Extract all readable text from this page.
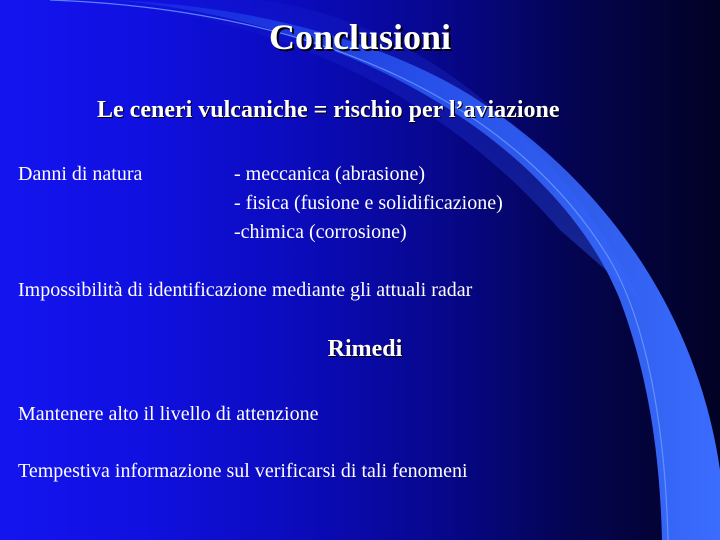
Conclusioni
Le ceneri vulcaniche = rischio per l’aviazione
Danni di natura	- meccanica (abrasione)
- fisica (fusione e solidificazione)
-chimica (corrosione)
Impossibilità di identificazione mediante gli attuali radar
Rimedi
Mantenere alto il livello di attenzione
Tempestiva informazione sul verificarsi di tali fenomeni
